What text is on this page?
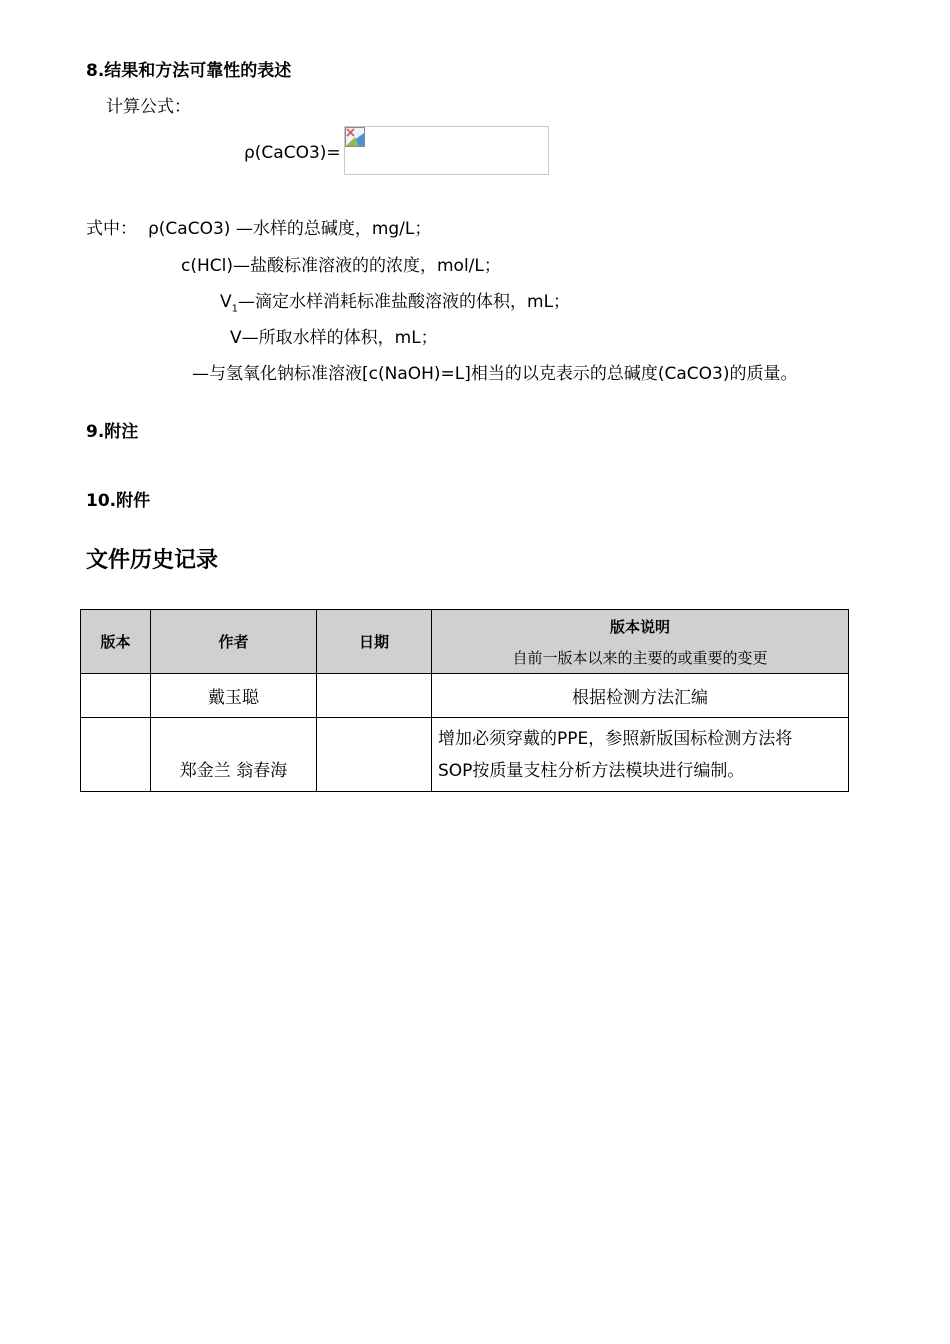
8.结果和方法可靠性的表述
计算公式：
ρ(CaCO3)=
式中： ρ(CaCO3) —水样的总碱度，mg/L；
c(HCl)—盐酸标准溶液的的浓度，mol/L；
$V_1—$滴定水样消耗标准盐酸溶液的体积，mL；
V—所取水样的体积，mL；
—与氢氧化钠标准溶液[c(NaOH)=L]相当的以克表示的总碱度(CaCO3)的质量。
9.附注
10.附件
文件历史记录
版本	作者	日期	版本说明
自前一版本以来的主要的或重要的变更

	戴玉聪		根据检测方法汇编
	郑金兰 翁春海		增加必须穿戴的PPE，参照新版国标检测方法将
SOP按质量支柱分析方法模块进行编制。
